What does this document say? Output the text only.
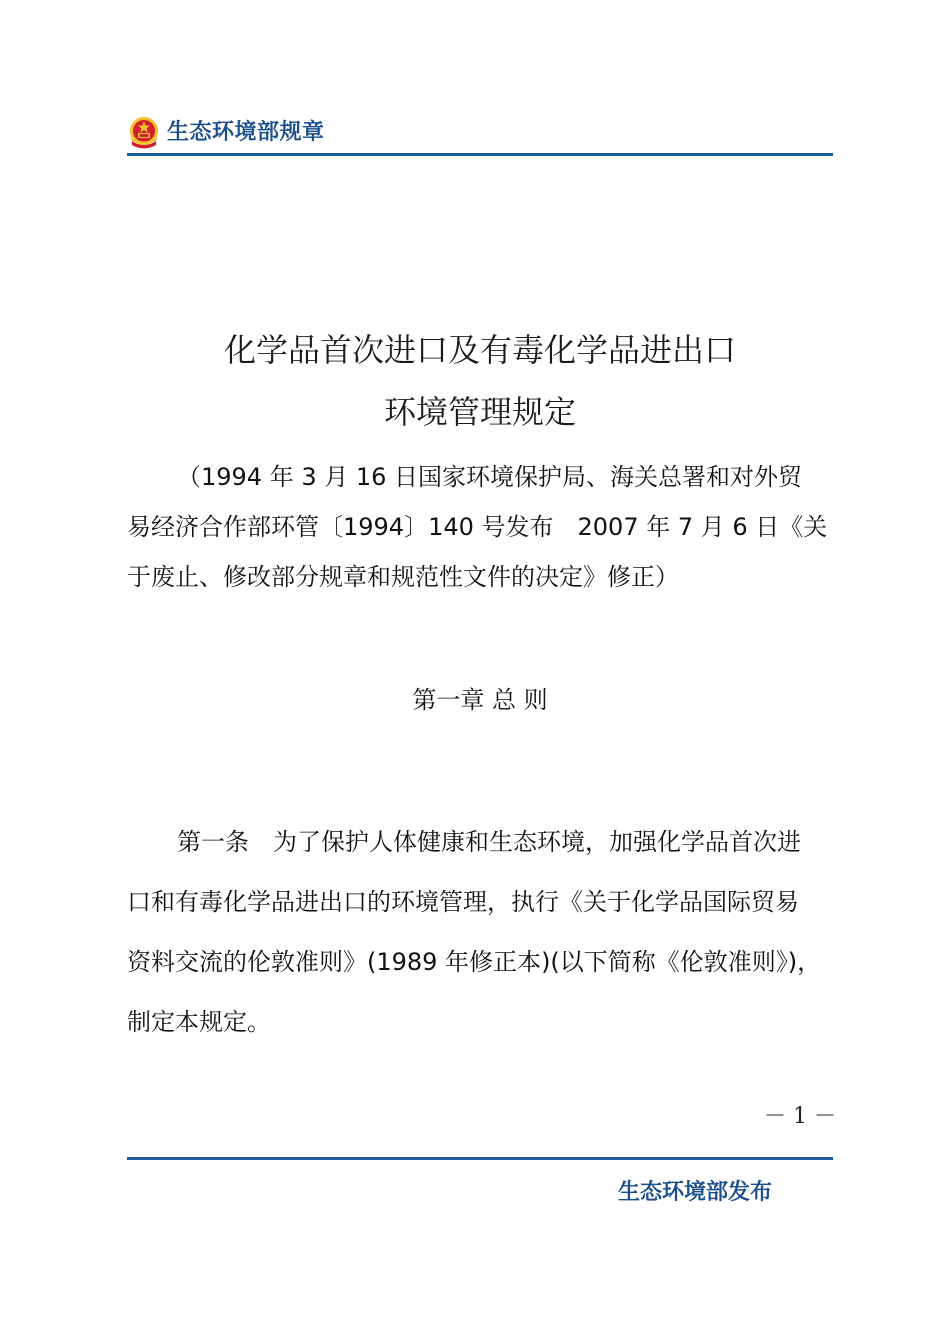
生态环境部规章
化学品首次进口及有毒化学品进出口
环境管理规定
（1994 年 3 月 16 日国家环境保护局、海关总署和对外贸
易经济合作部环管〔1994〕140 号发布　2007 年 7 月 6 日《关
于废止、修改部分规章和规范性文件的决定》修正）
第一章 总 则
第一条　为了保护人体健康和生态环境，加强化学品首次进
口和有毒化学品进出口的环境管理，执行《关于化学品国际贸易
资料交流的伦敦准则》(1989 年修正本)(以下简称《伦敦准则》)，
制定本规定。
－ 1 －
生态环境部发布
